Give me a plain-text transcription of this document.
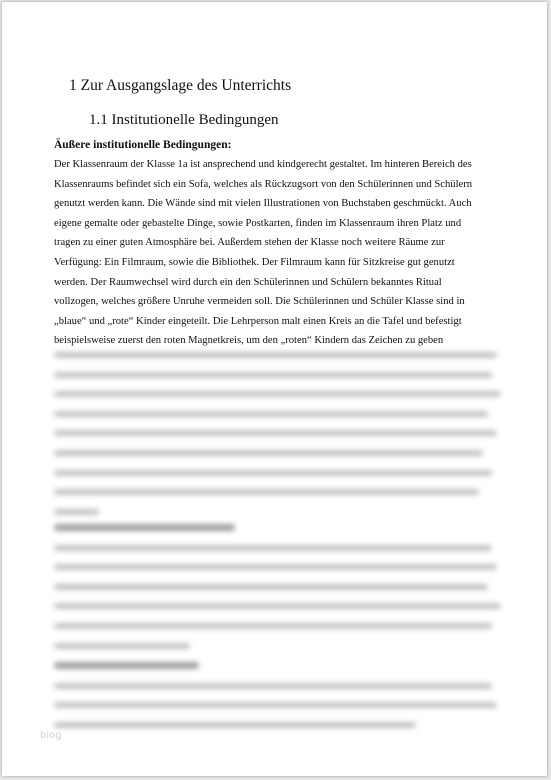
1 Zur Ausgangslage des Unterrichts
1.1 Institutionelle Bedingungen
Äußere institutionelle Bedingungen:
Der Klassenraum der Klasse 1a ist ansprechend und kindgerecht gestaltet. Im hinteren Bereich des
Klassenraums befindet sich ein Sofa, welches als Rückzugsort von den Schülerinnen und Schülern
genutzt werden kann. Die Wände sind mit vielen Illustrationen von Buchstaben geschmückt. Auch
eigene gemalte oder gebastelte Dinge, sowie Postkarten, finden im Klassenraum ihren Platz und
tragen zu einer guten Atmosphäre bei. Außerdem stehen der Klasse noch weitere Räume zur
Verfügung: Ein Filmraum, sowie die Bibliothek. Der Filmraum kann für Sitzkreise gut genutzt
werden. Der Raumwechsel wird durch ein den Schülerinnen und Schülern bekanntes Ritual
vollzogen, welches größere Unruhe vermeiden soll. Die Schülerinnen und Schüler Klasse sind in
„blaue“ und „rote“ Kinder eingeteilt. Die Lehrperson malt einen Kreis an die Tafel und befestigt
beispielsweise zuerst den roten Magnetkreis, um den „roten“ Kindern das Zeichen zu geben
blog
